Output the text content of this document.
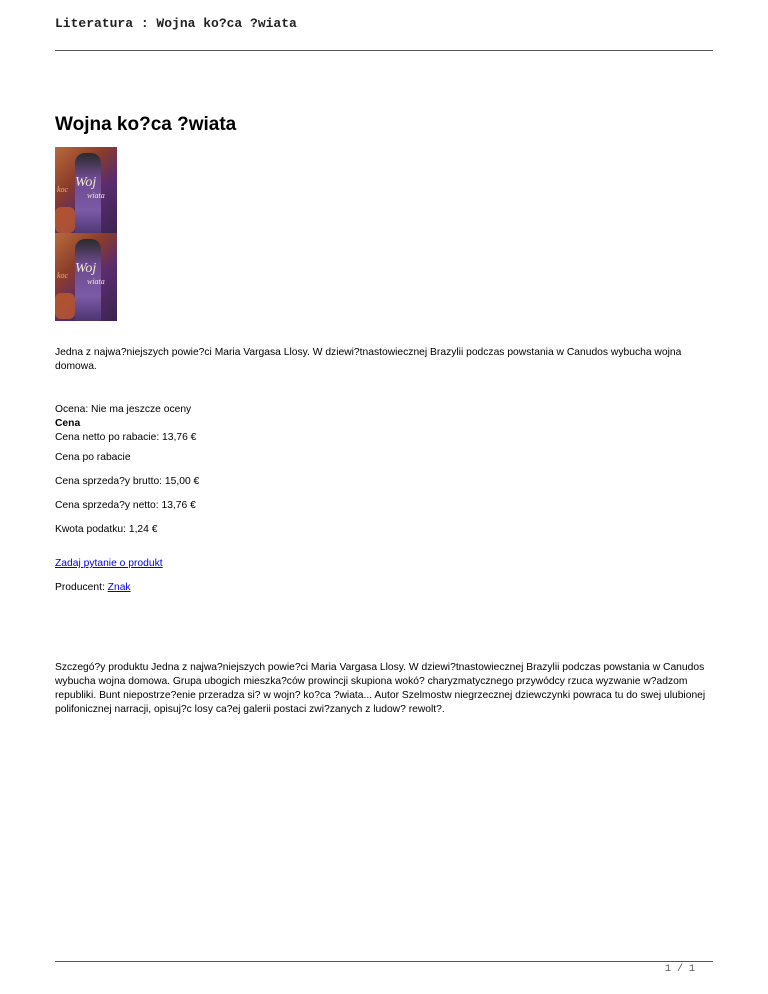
Literatura : Wojna ko?ca ?wiata
Wojna ko?ca ?wiata
Woj
koc
wiata
Woj
koc
wiata
Jedna z najwa?niejszych powie?ci Maria Vargasa Llosy. W dziewi?tnastowiecznej Brazylii podczas powstania w Canudos wybucha wojna domowa.
Ocena: Nie ma jeszcze oceny
Cena
Cena netto po rabacie: 13,76 €
Cena po rabacie
Cena sprzeda?y brutto: 15,00 €
Cena sprzeda?y netto: 13,76 €
Kwota podatku: 1,24 €
Zadaj pytanie o produkt
Producent: Znak
Szczegó?y produktu Jedna z najwa?niejszych powie?ci Maria Vargasa Llosy. W dziewi?tnastowiecznej Brazylii podczas powstania w Canudos wybucha wojna domowa. Grupa ubogich mieszka?ców prowincji skupiona wokó? charyzmatycznego przywódcy rzuca wyzwanie w?adzom republiki. Bunt niepostrze?enie przeradza si? w wojn? ko?ca ?wiata... Autor Szelmostw niegrzecznej dziewczynki powraca tu do swej ulubionej polifonicznej narracji, opisuj?c losy ca?ej galerii postaci zwi?zanych z ludow? rewolt?.
1 / 1
